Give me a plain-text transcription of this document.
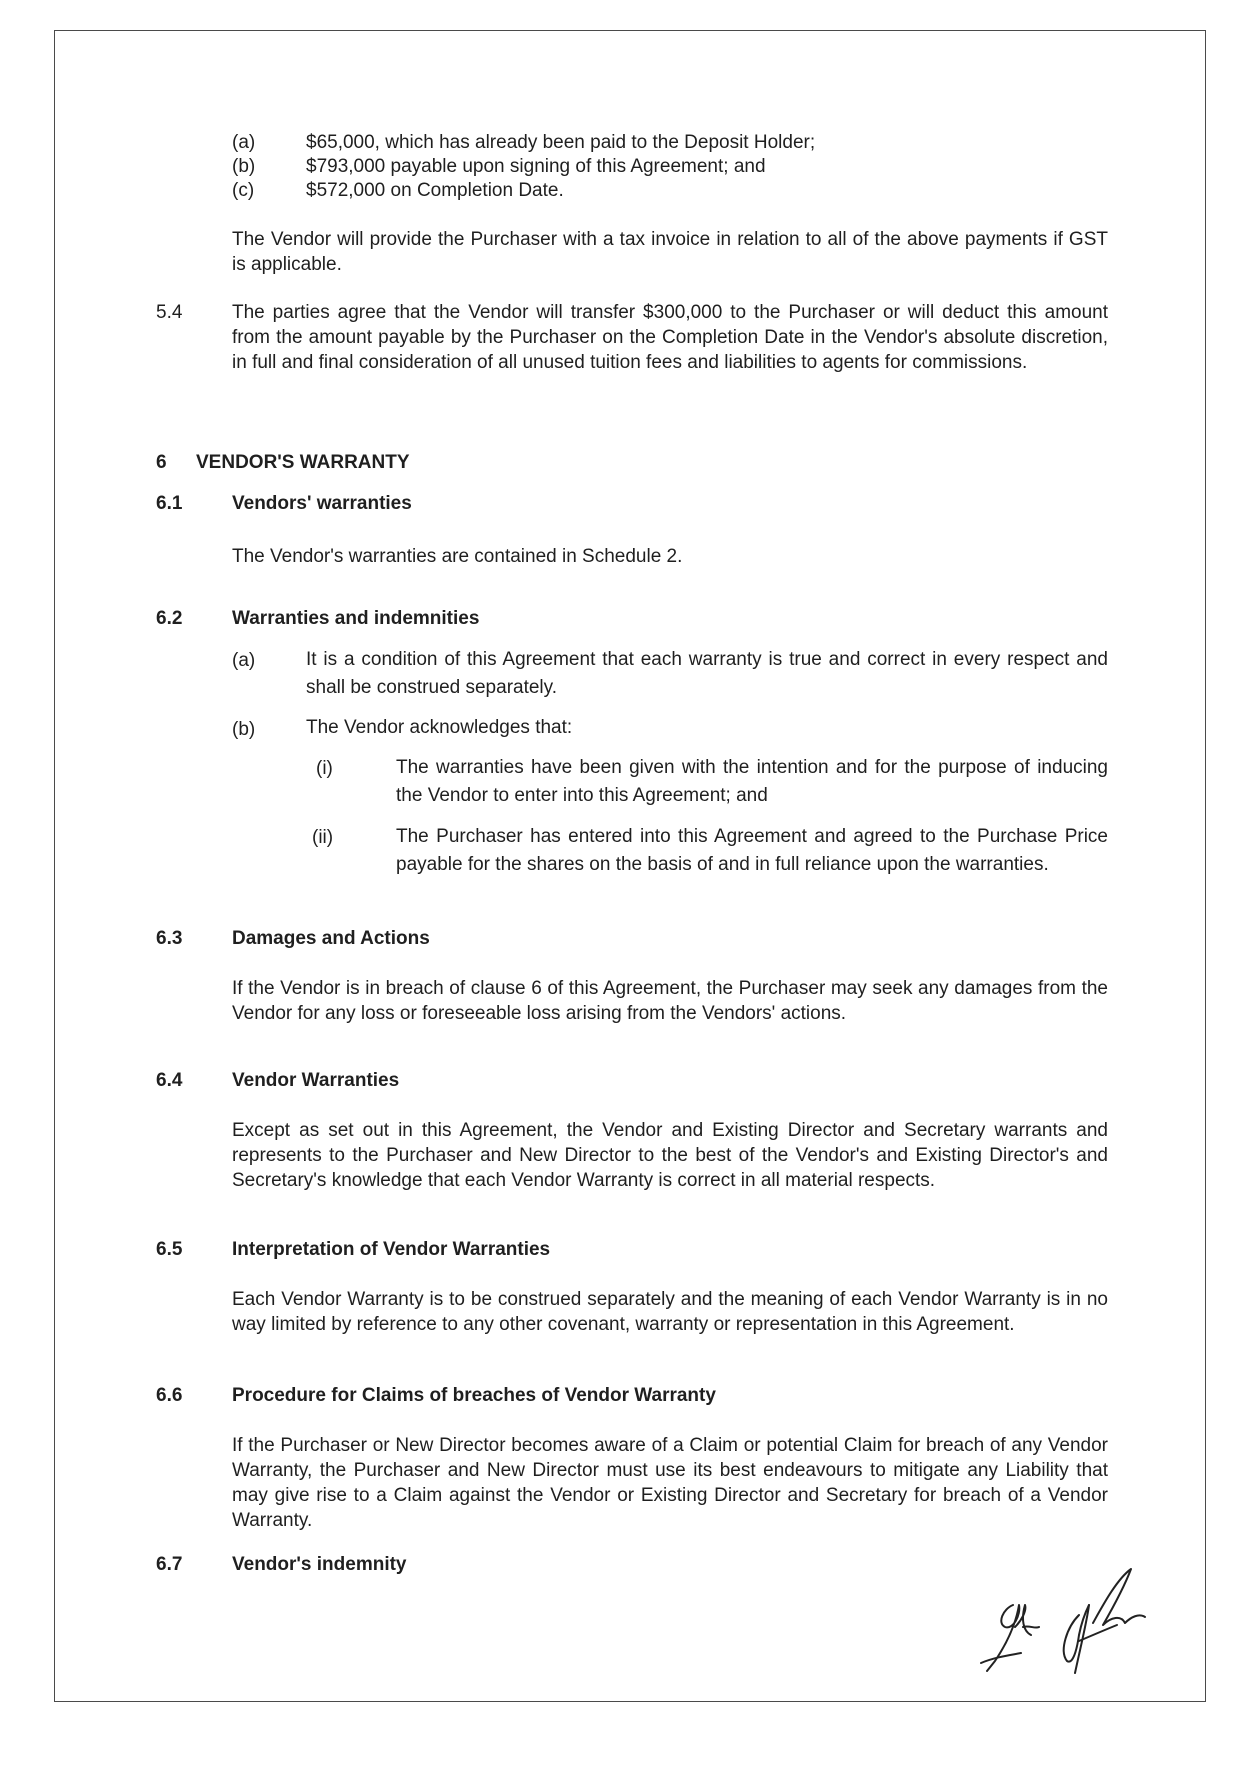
(a)	$65,000, which has already been paid to the Deposit Holder;
(b)	$793,000 payable upon signing of this Agreement; and
(c)	$572,000 on Completion Date.

The Vendor will provide the Purchaser with a tax invoice in relation to all of the above payments if GST is applicable.

5.4	The parties agree that the Vendor will transfer $300,000 to the Purchaser or will deduct this amount from the amount payable by the Purchaser on the Completion Date in the Vendor's absolute discretion, in full and final consideration of all unused tuition fees and liabilities to agents for commissions.

6 VENDOR'S WARRANTY
6.1	Vendors' warranties

The Vendor's warranties are contained in Schedule 2.

6.2	Warranties and indemnities
(a)	It is a condition of this Agreement that each warranty is true and correct in every respect and shall be construed separately.

(b)	The Vendor acknowledges that:

(i)	The warranties have been given with the intention and for the purpose of inducing the Vendor to enter into this Agreement; and

(ii)	The Purchaser has entered into this Agreement and agreed to the Purchase Price payable for the shares on the basis of and in full reliance upon the warranties.

6.3	Damages and Actions

If the Vendor is in breach of clause 6 of this Agreement, the Purchaser may seek any damages from the Vendor for any loss or foreseeable loss arising from the Vendors' actions.

6.4	Vendor Warranties

Except as set out in this Agreement, the Vendor and Existing Director and Secretary warrants and represents to the Purchaser and New Director to the best of the Vendor's and Existing Director's and Secretary's knowledge that each Vendor Warranty is correct in all material respects.

6.5	Interpretation of Vendor Warranties

Each Vendor Warranty is to be construed separately and the meaning of each Vendor Warranty is in no way limited by reference to any other covenant, warranty or representation in this Agreement.

6.6	Procedure for Claims of breaches of Vendor Warranty

If the Purchaser or New Director becomes aware of a Claim or potential Claim for breach of any Vendor Warranty, the Purchaser and New Director must use its best endeavours to mitigate any Liability that may give rise to a Claim against the Vendor or Existing Director and Secretary for breach of a Vendor Warranty.

6.7	Vendor's indemnity
